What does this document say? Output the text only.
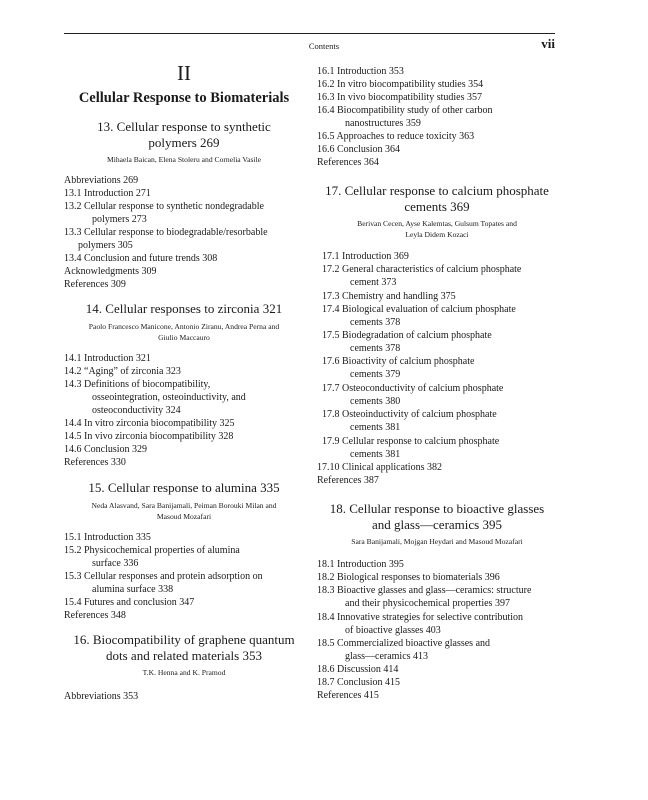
Contents	vii
II
Cellular Response to Biomaterials
13. Cellular response to synthetic
polymers 269
Mihaela Baican, Elena Stoleru and Cornelia Vasile
Abbreviations 269
13.1 Introduction 271
13.2 Cellular response to synthetic nondegradable
polymers 273
13.3 Cellular response to biodegradable/resorbable
polymers 305
13.4 Conclusion and future trends 308
Acknowledgments 309
References 309
14. Cellular responses to zirconia 321
Paolo Francesco Manicone, Antonio Ziranu, Andrea Perna and
Giulio Maccauro
14.1 Introduction 321
14.2 “Aging” of zirconia 323
14.3 Definitions of biocompatibility,
osseointegration, osteoinductivity, and
osteoconductivity 324
14.4 In vitro zirconia biocompatibility 325
14.5 In vivo zirconia biocompatibility 328
14.6 Conclusion 329
References 330
15. Cellular response to alumina 335
Neda Alasvand, Sara Banijamali, Peiman Borouki Milan and
Masoud Mozafari
15.1 Introduction 335
15.2 Physicochemical properties of alumina
surface 336
15.3 Cellular responses and protein adsorption on
alumina surface 338
15.4 Futures and conclusion 347
References 348
16. Biocompatibility of graphene quantum
dots and related materials 353
T.K. Henna and K. Pramod
Abbreviations 353
16.1 Introduction 353
16.2 In vitro biocompatibility studies 354
16.3 In vivo biocompatibility studies 357
16.4 Biocompatibility study of other carbon
nanostructures 359
16.5 Approaches to reduce toxicity 363
16.6 Conclusion 364
References 364
17. Cellular response to calcium phosphate
cements 369
Berivan Cecen, Ayse Kalemtas, Gulsum Topates and
Leyla Didem Kozaci
17.1 Introduction 369
17.2 General characteristics of calcium phosphate
cement 373
17.3 Chemistry and handling 375
17.4 Biological evaluation of calcium phosphate
cements 378
17.5 Biodegradation of calcium phosphate
cements 378
17.6 Bioactivity of calcium phosphate
cements 379
17.7 Osteoconductivity of calcium phosphate
cements 380
17.8 Osteoinductivity of calcium phosphate
cements 381
17.9 Cellular response to calcium phosphate
cements 381
17.10 Clinical applications 382
References 387
18. Cellular response to bioactive glasses
and glass—ceramics 395
Sara Banijamali, Mojgan Heydari and Masoud Mozafari
18.1 Introduction 395
18.2 Biological responses to biomaterials 396
18.3 Bioactive glasses and glass—ceramics: structure
and their physicochemical properties 397
18.4 Innovative strategies for selective contribution
of bioactive glasses 403
18.5 Commercialized bioactive glasses and
glass—ceramics 413
18.6 Discussion 414
18.7 Conclusion 415
References 415
